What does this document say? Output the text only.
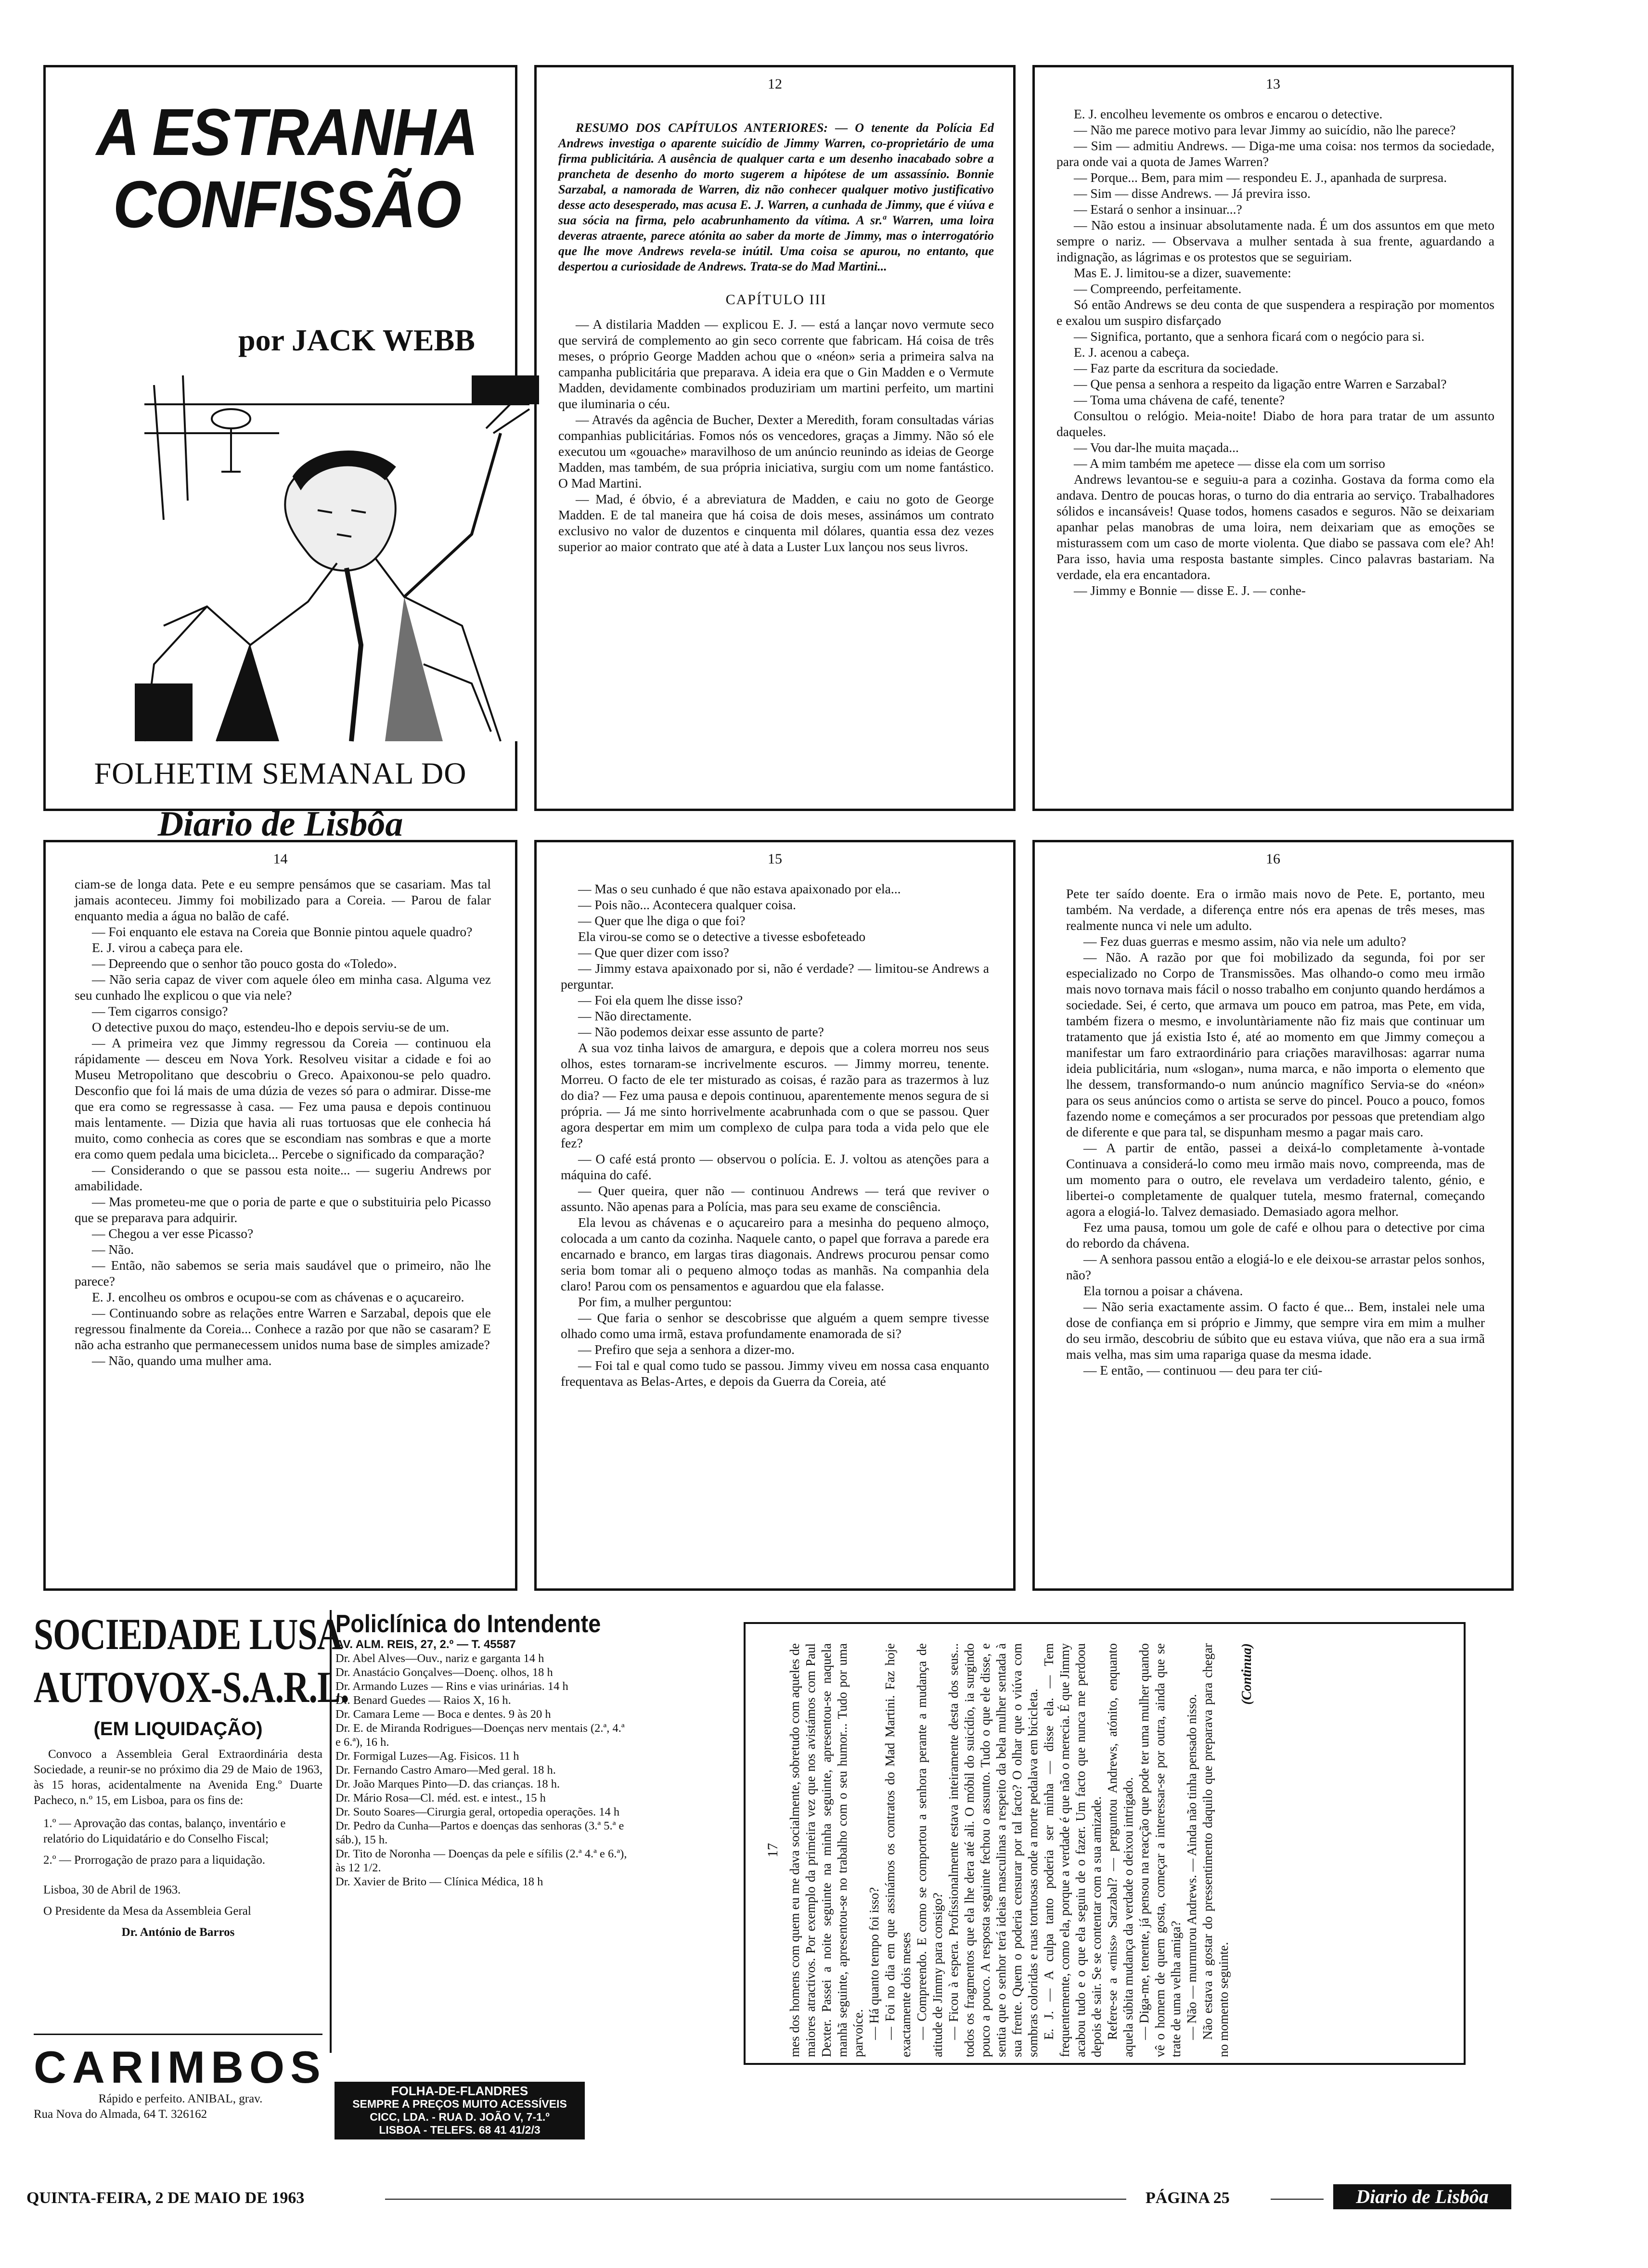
A ESTRANHA
CONFISSÃO
por JACK WEBB
FOLHETIM SEMANAL DO
Diario de Lisbôa
12

RESUMO DOS CAPÍTULOS ANTERIORES: — O tenente da Polícia Ed Andrews investiga o aparente suicídio de Jimmy Warren, co-proprietário de uma firma publicitária. A ausência de qualquer carta e um desenho inacabado sobre a prancheta de desenho do morto sugerem a hipótese de um assassínio. Bonnie Sarzabal, a namorada de Warren, diz não conhecer qualquer motivo justificativo desse acto desesperado, mas acusa E. J. Warren, a cunhada de Jimmy, que é viúva e sua sócia na firma, pelo acabrunhamento da vítima. A sr.ª Warren, uma loira deveras atraente, parece atónita ao saber da morte de Jimmy, mas o interrogatório que lhe move Andrews revela-se inútil. Uma coisa se apurou, no entanto, que despertou a curiosidade de Andrews. Trata-se do Mad Martini...

CAPÍTULO III

— A distilaria Madden — explicou E. J. — está a lançar novo vermute seco que servirá de complemento ao gin seco corrente que fabricam. Há coisa de três meses, o próprio George Madden achou que o «néon» seria a primeira salva na campanha publicitária que preparava. A ideia era que o Gin Madden e o Vermute Madden, devidamente combinados produziriam um martini perfeito, um martini que iluminaria o céu.

— Através da agência de Bucher, Dexter a Meredith, foram consultadas várias companhias publicitárias. Fomos nós os vencedores, graças a Jimmy. Não só ele executou um «gouache» maravilhoso de um anúncio reunindo as ideias de George Madden, mas também, de sua própria iniciativa, surgiu com um nome fantástico. O Mad Martini.

— Mad, é óbvio, é a abreviatura de Madden, e caiu no goto de George Madden. E de tal maneira que há coisa de dois meses, assinámos um contrato exclusivo no valor de duzentos e cinquenta mil dólares, quantia essa dez vezes superior ao maior contrato que até à data a Luster Lux lançou nos seus livros.

13

E. J. encolheu levemente os ombros e encarou o detective.

— Não me parece motivo para levar Jimmy ao suicídio, não lhe parece?

— Sim — admitiu Andrews. — Diga-me uma coisa: nos termos da sociedade, para onde vai a quota de James Warren?

— Porque... Bem, para mim — respondeu E. J., apanhada de surpresa.

— Sim — disse Andrews. — Já previra isso.

— Estará o senhor a insinuar...?

— Não estou a insinuar absolutamente nada. É um dos assuntos em que meto sempre o nariz. — Observava a mulher sentada à sua frente, aguardando a indignação, as lágrimas e os protestos que se seguiriam.

Mas E. J. limitou-se a dizer, suavemente:

— Compreendo, perfeitamente.

Só então Andrews se deu conta de que suspendera a respiração por momentos e exalou um suspiro disfarçado

— Significa, portanto, que a senhora ficará com o negócio para si.

E. J. acenou a cabeça.

— Faz parte da escritura da sociedade.

— Que pensa a senhora a respeito da ligação entre Warren e Sarzabal?

— Toma uma chávena de café, tenente?

Consultou o relógio. Meia-noite! Diabo de hora para tratar de um assunto daqueles.

— Vou dar-lhe muita maçada...

— A mim também me apetece — disse ela com um sorriso

Andrews levantou-se e seguiu-a para a cozinha. Gostava da forma como ela andava. Dentro de poucas horas, o turno do dia entraria ao serviço. Trabalhadores sólidos e incansáveis! Quase todos, homens casados e seguros. Não se deixariam apanhar pelas manobras de uma loira, nem deixariam que as emoções se misturassem com um caso de morte violenta. Que diabo se passava com ele? Ah! Para isso, havia uma resposta bastante simples. Cinco palavras bastariam. Na verdade, ela era encantadora.

— Jimmy e Bonnie — disse E. J. — conhe-

14

ciam-se de longa data. Pete e eu sempre pensámos que se casariam. Mas tal jamais aconteceu. Jimmy foi mobilizado para a Coreia. — Parou de falar enquanto media a água no balão de café.

— Foi enquanto ele estava na Coreia que Bonnie pintou aquele quadro?

E. J. virou a cabeça para ele.

— Depreendo que o senhor tão pouco gosta do «Toledo».

— Não seria capaz de viver com aquele óleo em minha casa. Alguma vez seu cunhado lhe explicou o que via nele?

— Tem cigarros consigo?

O detective puxou do maço, estendeu-lho e depois serviu-se de um.

— A primeira vez que Jimmy regressou da Coreia — continuou ela rápidamente — desceu em Nova York. Resolveu visitar a cidade e foi ao Museu Metropolitano que descobriu o Greco. Apaixonou-se pelo quadro. Desconfio que foi lá mais de uma dúzia de vezes só para o admirar. Disse-me que era como se regressasse à casa. — Fez uma pausa e depois continuou mais lentamente. — Dizia que havia ali ruas tortuosas que ele conhecia há muito, como conhecia as cores que se escondiam nas sombras e que a morte era como quem pedala uma bicicleta... Percebe o significado da comparação?

— Considerando o que se passou esta noite... — sugeriu Andrews por amabilidade.

— Mas prometeu-me que o poria de parte e que o substituiria pelo Picasso que se preparava para adquirir.

— Chegou a ver esse Picasso?

— Não.

— Então, não sabemos se seria mais saudável que o primeiro, não lhe parece?

E. J. encolheu os ombros e ocupou-se com as chávenas e o açucareiro.

— Continuando sobre as relações entre Warren e Sarzabal, depois que ele regressou finalmente da Coreia... Conhece a razão por que não se casaram? E não acha estranho que permanecessem unidos numa base de simples amizade?

— Não, quando uma mulher ama.

15

— Mas o seu cunhado é que não estava apaixonado por ela...

— Pois não... Acontecera qualquer coisa.

— Quer que lhe diga o que foi?

Ela virou-se como se o detective a tivesse esbofeteado

— Que quer dizer com isso?

— Jimmy estava apaixonado por si, não é verdade? — limitou-se Andrews a perguntar.

— Foi ela quem lhe disse isso?

— Não directamente.

— Não podemos deixar esse assunto de parte?

A sua voz tinha laivos de amargura, e depois que a colera morreu nos seus olhos, estes tornaram-se incrivelmente escuros. — Jimmy morreu, tenente. Morreu. O facto de ele ter misturado as coisas, é razão para as trazermos à luz do dia? — Fez uma pausa e depois continuou, aparentemente menos segura de si própria. — Já me sinto horrivelmente acabrunhada com o que se passou. Quer agora despertar em mim um complexo de culpa para toda a vida pelo que ele fez?

— O café está pronto — observou o polícia. E. J. voltou as atenções para a máquina do café.

— Quer queira, quer não — continuou Andrews — terá que reviver o assunto. Não apenas para a Polícia, mas para seu exame de consciência.

Ela levou as chávenas e o açucareiro para a mesinha do pequeno almoço, colocada a um canto da cozinha. Naquele canto, o papel que forrava a parede era encarnado e branco, em largas tiras diagonais. Andrews procurou pensar como seria bom tomar ali o pequeno almoço todas as manhãs. Na companhia dela claro! Parou com os pensamentos e aguardou que ela falasse.

Por fim, a mulher perguntou:

— Que faria o senhor se descobrisse que alguém a quem sempre tivesse olhado como uma irmã, estava profundamente enamorada de si?

— Prefiro que seja a senhora a dizer-mo.

— Foi tal e qual como tudo se passou. Jimmy viveu em nossa casa enquanto frequentava as Belas-Artes, e depois da Guerra da Coreia, até

16

Pete ter saído doente. Era o irmão mais novo de Pete. E, portanto, meu também. Na verdade, a diferença entre nós era apenas de três meses, mas realmente nunca vi nele um adulto.

— Fez duas guerras e mesmo assim, não via nele um adulto?

— Não. A razão por que foi mobilizado da segunda, foi por ser especializado no Corpo de Transmissões. Mas olhando-o como meu irmão mais novo tornava mais fácil o nosso trabalho em conjunto quando herdámos a sociedade. Sei, é certo, que armava um pouco em patroa, mas Pete, em vida, também fizera o mesmo, e involuntàriamente não fiz mais que continuar um tratamento que já existia Isto é, até ao momento em que Jimmy começou a manifestar um faro extraordinário para criações maravilhosas: agarrar numa ideia publicitária, num «slogan», numa marca, e não importa o elemento que lhe dessem, transformando-o num anúncio magnífico Servia-se do «néon» para os seus anúncios como o artista se serve do pincel. Pouco a pouco, fomos fazendo nome e começámos a ser procurados por pessoas que pretendiam algo de diferente e que para tal, se dispunham mesmo a pagar mais caro.

— A partir de então, passei a deixá-lo completamente à-vontade Continuava a considerá-lo como meu irmão mais novo, compreenda, mas de um momento para o outro, ele revelava um verdadeiro talento, génio, e libertei-o completamente de qualquer tutela, mesmo fraternal, começando agora a elogiá-lo. Talvez demasiado. Demasiado agora melhor.

Fez uma pausa, tomou um gole de café e olhou para o detective por cima do rebordo da chávena.

— A senhora passou então a elogiá-lo e ele deixou-se arrastar pelos sonhos, não?

Ela tornou a poisar a chávena.

— Não seria exactamente assim. O facto é que... Bem, instalei nele uma dose de confiança em si próprio e Jimmy, que sempre vira em mim a mulher do seu irmão, descobriu de súbito que eu estava viúva, que não era a sua irmã mais velha, mas sim uma rapariga quase da mesma idade.

— E então, — continuou — deu para ter ciú-

SOCIEDADE LUSA
AUTOVOX-S.A.R.L.
(EM LIQUIDAÇÃO)
Convoco a Assembleia Geral Extraordinária desta Sociedade, a reunir-se no próximo dia 29 de Maio de 1963, às 15 horas, acidentalmente na Avenida Eng.º Duarte Pacheco, n.º 15, em Lisboa, para os fins de:
1.º — Aprovação das contas, balanço, inventário e relatório do Liquidatário e do Conselho Fiscal;
2.º — Prorrogação de prazo para a liquidação.
Lisboa, 30 de Abril de 1963.
O Presidente da Mesa da Assembleia Geral
Dr. António de Barros
CARIMBOS
Rápido e perfeito. ANIBAL, grav.
Rua Nova do Almada, 64 T. 326162
Policlínica do Intendente
AV. ALM. REIS, 27, 2.º — T. 45587
Dr. Abel Alves—Ouv., nariz e garganta 14 h
Dr. Anastácio Gonçalves—Doenç. olhos, 18 h
Dr. Armando Luzes — Rins e vias urinárias. 14 h
Dr. Benard Guedes — Raios X, 16 h.
Dr. Camara Leme — Boca e dentes. 9 às 20 h
Dr. E. de Miranda Rodrigues—Doenças nerv mentais (2.ª, 4.ª e 6.ª), 16 h.
Dr. Formigal Luzes—Ag. Fisicos. 11 h
Dr. Fernando Castro Amaro—Med geral. 18 h.
Dr. João Marques Pinto—D. das crianças. 18 h.
Dr. Mário Rosa—Cl. méd. est. e intest., 15 h
Dr. Souto Soares—Cirurgia geral, ortopedia operações. 14 h
Dr. Pedro da Cunha—Partos e doenças das senhoras (3.ª 5.ª e sáb.), 15 h.
Dr. Tito de Noronha — Doenças da pele e sífilis (2.ª 4.ª e 6.ª), às 12 1/2.
Dr. Xavier de Brito — Clínica Médica, 18 h
FOLHA-DE-FLANDRES
SEMPRE A PREÇOS MUITO ACESSÍVEIS
CICC, LDA. - RUA D. JOÃO V, 7-1.º
LISBOA - TELEFS. 68 41 41/2/3
17 mes dos homens com quem eu me dava socialmente, sobretudo com aqueles de maiores atractivos. Por exemplo da primeira vez que nos avistámos com Paul Dexter. Passei a noite seguinte na minha seguinte, apresentou-se naquela manhã seguinte, apresentou-se no trabalho com o seu humor... Tudo por uma parvoíce. — Há quanto tempo foi isso? — Foi no dia em que assinámos os contratos do Mad Martini. Faz hoje exactamente dois meses — Compreendo. E como se comportou a senhora perante a mudança de atitude de Jimmy para consigo? — Ficou à espera. Profissionalmente estava inteiramente desta dos seus... todos os fragmentos que ela lhe dera até ali. O móbil do suicídio, ia surgindo pouco a pouco. A resposta seguinte fechou o assunto. Tudo o que ele disse, e sentia que o senhor terá ideias masculinas a respeito da bela mulher sentada à sua frente. Quem o poderia censurar por tal facto? O olhar que o viúva com sombras coloridas e ruas tortuosas onde a morte pedalava em bicicleta. E. J. — A culpa tanto poderia ser minha — disse ela. — Tem frequentemente, como ela, porque a verdade é que não o merecia. É que Jimmy acabou tudo e o que ela seguiu de o fazer. Um facto que nunca me perdoou depois de sair. Se se contentar com a sua amizade. Refere-se a «miss» Sarzabal? — perguntou Andrews, atónito, enquanto aquela súbita mudança da verdade o deixou intrigado. — Diga-me, tenente, já pensou na reacção que pode ter uma mulher quando vê o homem de quem gosta, começar a interessar-se por outra, ainda que se trate de uma velha amiga? — Não — murmurou Andrews. — Ainda não tinha pensado nisso. Não estava a gostar do pressentimento daquilo que preparava para chegar no momento seguinte.

(Continua)
QUINTA-FEIRA, 2 DE MAIO DE 1963	PÁGINA 25	Diario de Lisbôa
